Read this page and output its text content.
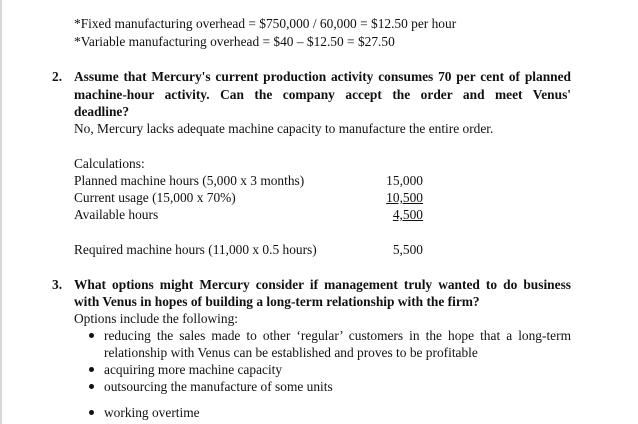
*Fixed manufacturing overhead = $750,000 / 60,000 = $12.50 per hour
*Variable manufacturing overhead = $40 – $12.50 = $27.50
2. Assume that Mercury's current production activity consumes 70 per cent of planned
machine-hour activity. Can the company accept the order and meet Venus'
deadline?
No, Mercury lacks adequate machine capacity to manufacture the entire order.
Calculations:
Planned machine hours (5,000 x 3 months)	15,000
Current usage (15,000 x 70%)	10,500
Available hours	4,500
Required machine hours (11,000 x 0.5 hours)	5,500
3. What options might Mercury consider if management truly wanted to do business
with Venus in hopes of building a long-term relationship with the firm?
Options include the following:
reducing the sales made to other ‘regular’ customers in the hope that a long-term
relationship with Venus can be established and proves to be profitable
acquiring more machine capacity
outsourcing the manufacture of some units
working overtime
